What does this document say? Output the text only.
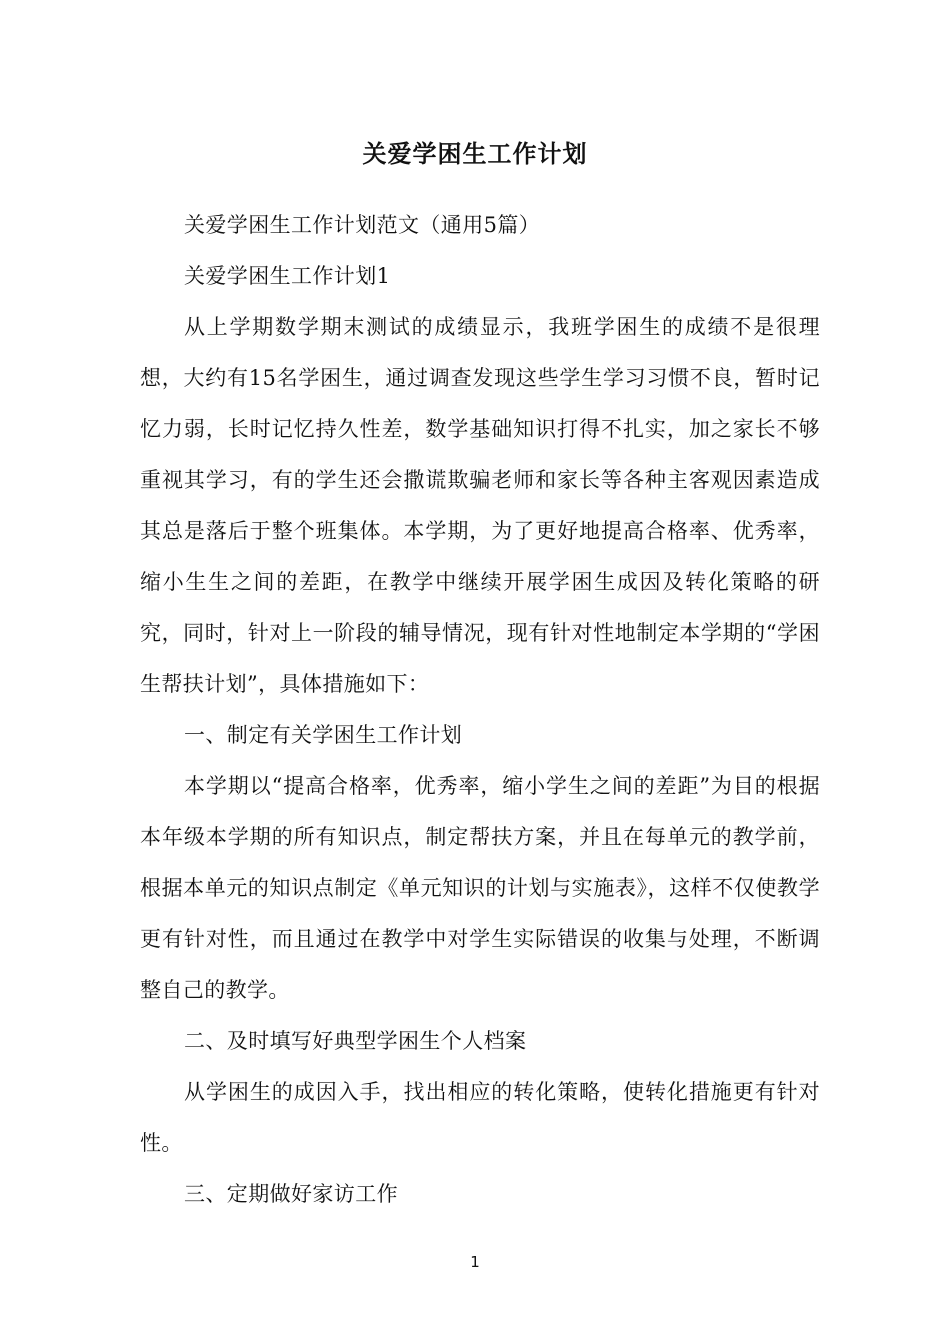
关爱学困生工作计划

关爱学困生工作计划范文（通用5篇）

关爱学困生工作计划1

从上学期数学期末测试的成绩显示，我班学困生的成绩不是很理想，大约有15名学困生，通过调查发现这些学生学习习惯不良，暂时记忆力弱，长时记忆持久性差，数学基础知识打得不扎实，加之家长不够重视其学习，有的学生还会撒谎欺骗老师和家长等各种主客观因素造成其总是落后于整个班集体。本学期，为了更好地提高合格率、优秀率，缩小生生之间的差距，在教学中继续开展学困生成因及转化策略的研究，同时，针对上一阶段的辅导情况，现有针对性地制定本学期的“学困生帮扶计划”，具体措施如下：

一、制定有关学困生工作计划

本学期以“提高合格率，优秀率，缩小学生之间的差距”为目的根据本年级本学期的所有知识点，制定帮扶方案，并且在每单元的教学前，根据本单元的知识点制定《单元知识的计划与实施表》，这样不仅使教学更有针对性，而且通过在教学中对学生实际错误的收集与处理，不断调整自己的教学。

二、及时填写好典型学困生个人档案

从学困生的成因入手，找出相应的转化策略，使转化措施更有针对性。

三、定期做好家访工作

1
